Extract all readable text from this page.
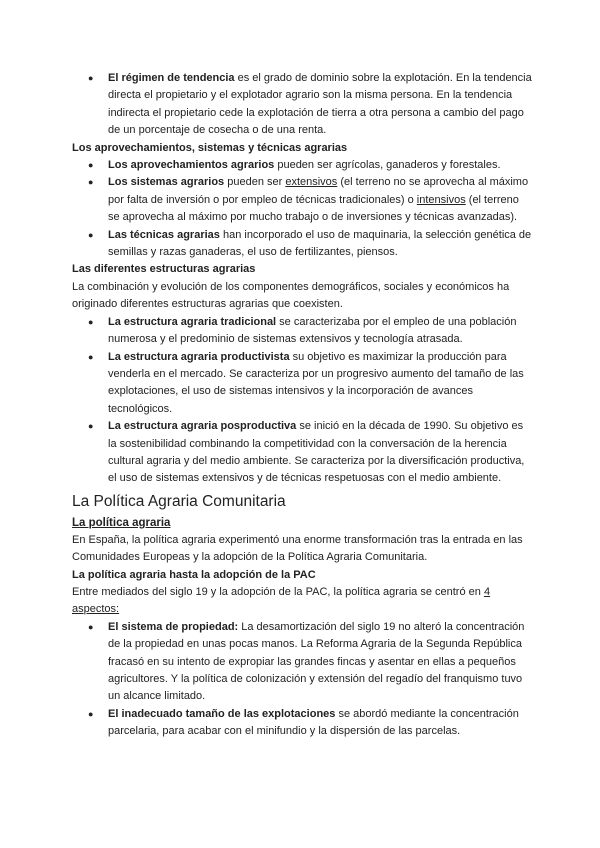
● El régimen de tendencia es el grado de dominio sobre la explotación. En la tendencia directa el propietario y el explotador agrario son la misma persona. En la tendencia indirecta el propietario cede la explotación de tierra a otra persona a cambio del pago de un porcentaje de cosecha o de una renta.
Los aprovechamientos, sistemas y técnicas agrarias
● Los aprovechamientos agrarios pueden ser agrícolas, ganaderos y forestales.
● Los sistemas agrarios pueden ser extensivos (el terreno no se aprovecha al máximo por falta de inversión o por empleo de técnicas tradicionales) o intensivos (el terreno se aprovecha al máximo por mucho trabajo o de inversiones y técnicas avanzadas).
● Las técnicas agrarias han incorporado el uso de maquinaria, la selección genética de semillas y razas ganaderas, el uso de fertilizantes, piensos.
Las diferentes estructuras agrarias
La combinación y evolución de los componentes demográficos, sociales y económicos ha originado diferentes estructuras agrarias que coexisten.
● La estructura agraria tradicional se caracterizaba por el empleo de una población numerosa y el predominio de sistemas extensivos y tecnología atrasada.
● La estructura agraria productivista su objetivo es maximizar la producción para venderla en el mercado. Se caracteriza por un progresivo aumento del tamaño de las explotaciones, el uso de sistemas intensivos y la incorporación de avances tecnológicos.
● La estructura agraria posproductiva se inició en la década de 1990. Su objetivo es la sostenibilidad combinando la competitividad con la conversación de la herencia cultural agraria y del medio ambiente. Se caracteriza por la diversificación productiva, el uso de sistemas extensivos y de técnicas respetuosas con el medio ambiente.
La Política Agraria Comunitaria
La política agraria
En España, la política agraria experimentó una enorme transformación tras la entrada en las Comunidades Europeas y la adopción de la Política Agraria Comunitaria.
La política agraria hasta la adopción de la PAC
Entre mediados del siglo 19 y la adopción de la PAC, la política agraria se centró en 4 aspectos:
● El sistema de propiedad: La desamortización del siglo 19 no alteró la concentración de la propiedad en unas pocas manos. La Reforma Agraria de la Segunda República fracasó en su intento de expropiar las grandes fincas y asentar en ellas a pequeños agricultores. Y la política de colonización y extensión del regadío del franquismo tuvo un alcance limitado.
● El inadecuado tamaño de las explotaciones se abordó mediante la concentración parcelaria, para acabar con el minifundio y la dispersión de las parcelas.
